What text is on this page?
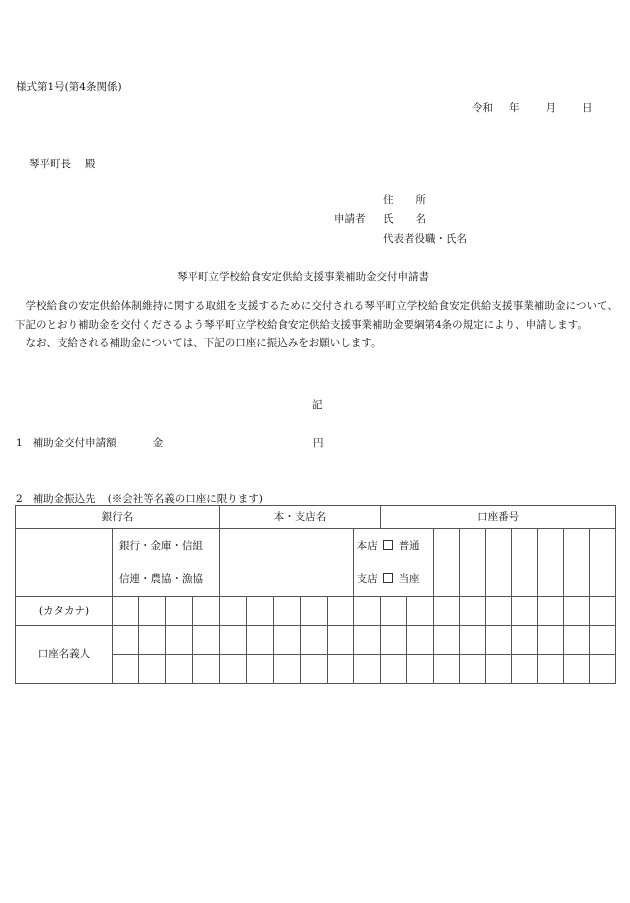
様式第1号(第4条関係)
令和 年 月 日
琴平町長 殿
申請者
住 所
氏 名
代表者役職・氏名
琴平町立学校給食安定供給支援事業補助金交付申請書

学校給食の安定供給体制維持に関する取組を支援するために交付される琴平町立学校給食安定供給支援事業補助金について、下記のとおり補助金を交付くださるよう琴平町立学校給食安定供給支援事業補助金要綱第4条の規定により、申請します。

なお、支給される補助金については、下記の口座に振込みをお願いします。

記
1 補助金交付申請額	金	円
2 補助金振込先 (※会社等名義の口座に限ります)
銀行名					本・支店名						口座番号								
	銀行・金庫・信組									本店	普通								
	信連・農協・漁協									支店	当座								
(カタカナ)																			
口座名義人																			
